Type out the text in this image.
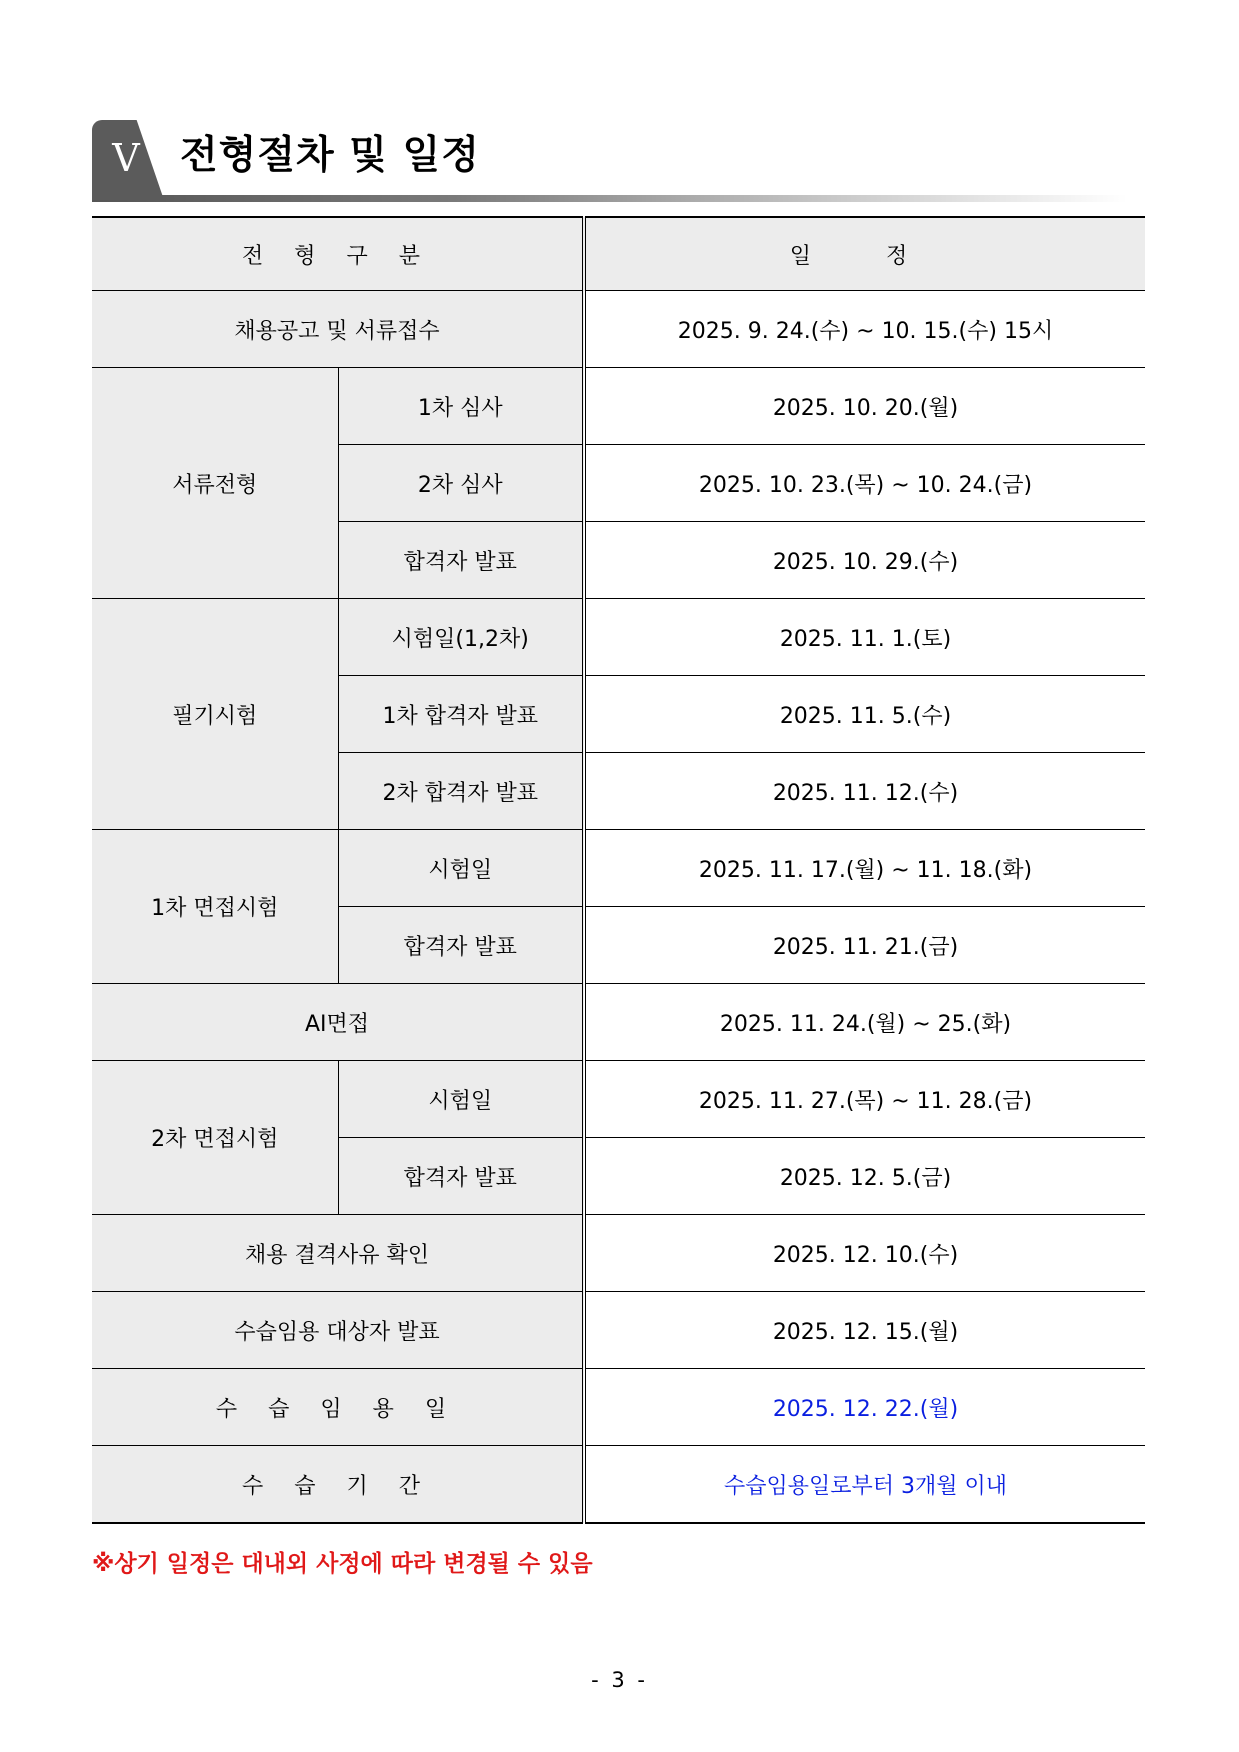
V 전형절차 및 일정
전 형 구 분		일 정
채용공고 및 서류접수		2025. 9. 24.(수) ~ 10. 15.(수) 15시
서류전형	1차 심사	2025. 10. 20.(월)
	2차 심사	2025. 10. 23.(목) ~ 10. 24.(금)
	합격자 발표	2025. 10. 29.(수)
필기시험	시험일(1,2차)	2025. 11. 1.(토)
	1차 합격자 발표	2025. 11. 5.(수)
	2차 합격자 발표	2025. 11. 12.(수)
1차 면접시험	시험일	2025. 11. 17.(월) ~ 11. 18.(화)
	합격자 발표	2025. 11. 21.(금)
AI면접		2025. 11. 24.(월) ~ 25.(화)
2차 면접시험	시험일	2025. 11. 27.(목) ~ 11. 28.(금)
	합격자 발표	2025. 12. 5.(금)
채용 결격사유 확인		2025. 12. 10.(수)
수습임용 대상자 발표		2025. 12. 15.(월)
수 습 임 용 일		2025. 12. 22.(월)
수 습 기 간		수습임용일로부터 3개월 이내
※상기 일정은 대내외 사정에 따라 변경될 수 있음
- 3 -
